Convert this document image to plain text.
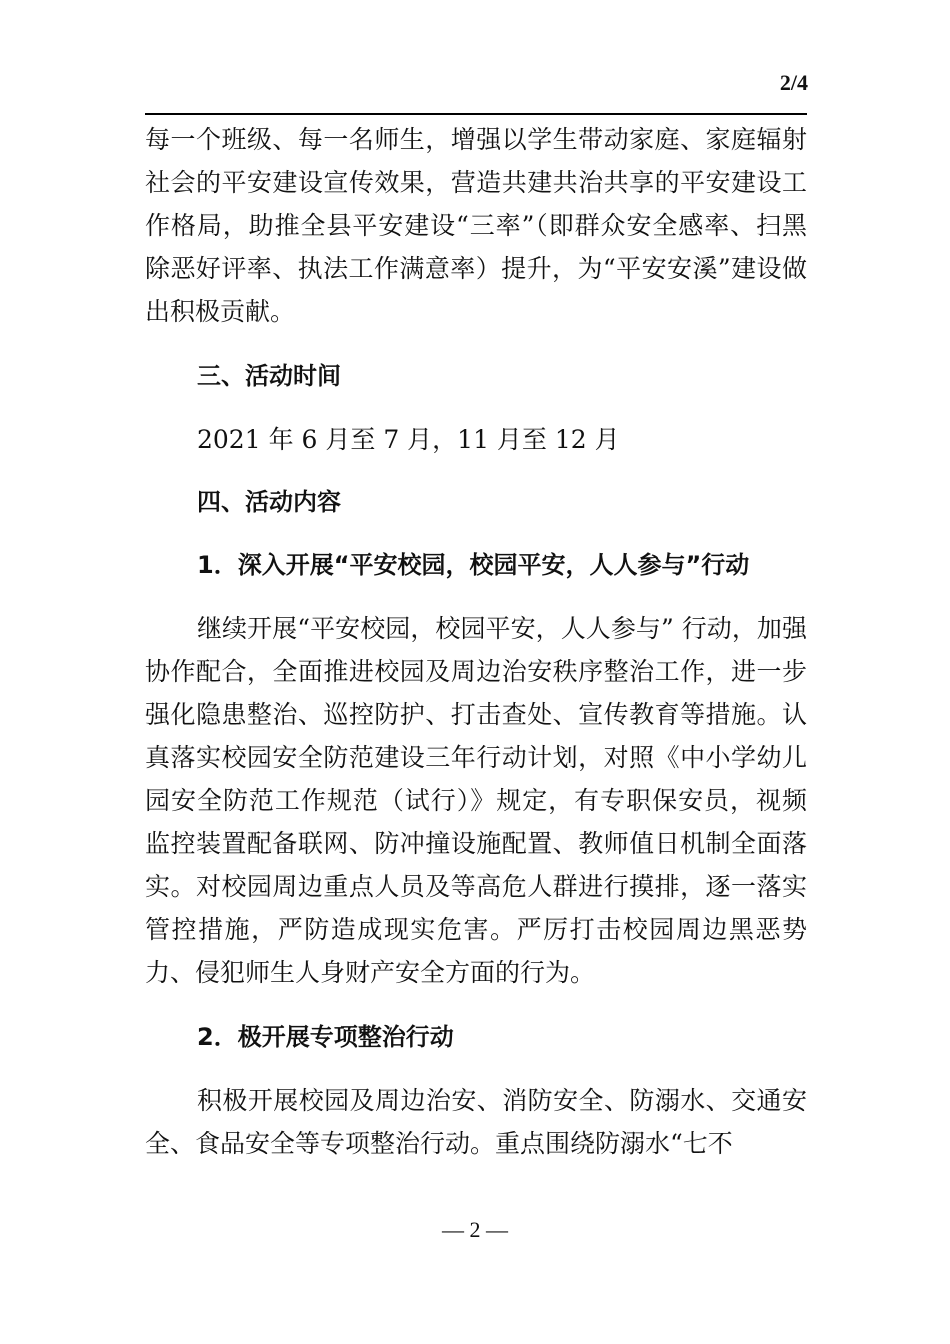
2/4

每一个班级、每一名师生，增强以学生带动家庭、家庭辐射社会的平安建设宣传效果，营造共建共治共享的平安建设工作格局，助推全县平安建设“三率”（即群众安全感率、扫黑除恶好评率、执法工作满意率）提升，为“平安安溪”建设做出积极贡献。

三、活动时间

2021 年 6 月至 7 月，11 月至 12 月

四、活动内容
1．深入开展“平安校园，校园平安，人人参与”行动

继续开展“平安校园，校园平安，人人参与” 行动，加强协作配合，全面推进校园及周边治安秩序整治工作，进一步强化隐患整治、巡控防护、打击查处、宣传教育等措施。认真落实校园安全防范建设三年行动计划，对照《中小学幼儿园安全防范工作规范（试行）》规定，有专职保安员，视频监控装置配备联网、防冲撞设施配置、教师值日机制全面落实。对校园周边重点人员及等高危人群进行摸排，逐一落实管控措施，严防造成现实危害。严厉打击校园周边黑恶势力、侵犯师生人身财产安全方面的行为。

2．极开展专项整治行动

积极开展校园及周边治安、消防安全、防溺水、交通安全、食品安全等专项整治行动。重点围绕防溺水“七不

— 2 —
